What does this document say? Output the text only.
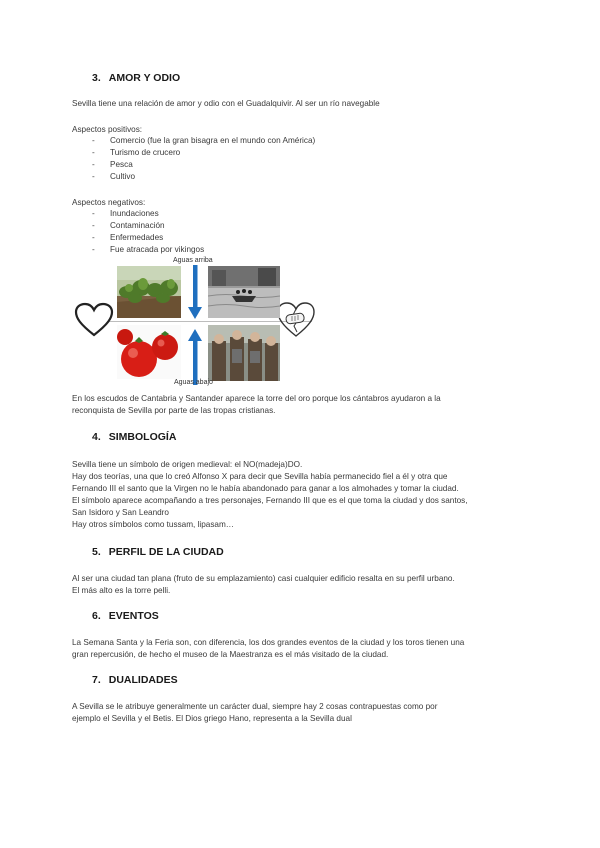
3. AMOR Y ODIO
Sevilla tiene una relación de amor y odio con el Guadalquivir. Al ser un río navegable
Aspectos positivos:
- Comercio (fue la gran bisagra en el mundo con América)
- Turismo de crucero
- Pesca
- Cultivo
Aspectos negativos:
- Inundaciones
- Contaminación
- Enfermedades
- Fue atracada por vikingos
Aguas arriba
Aguas abajo
En los escudos de Cantabria y Santander aparece la torre del oro porque los cántabros ayudaron a la
reconquista de Sevilla por parte de las tropas cristianas.
4. SIMBOLOGÍA
Sevilla tiene un símbolo de origen medieval: el NO(madeja)DO.
Hay dos teorías, una que lo creó Alfonso X para decir que Sevilla había permanecido fiel a él y otra que
Fernando III el santo que la Virgen no le había abandonado para ganar a los almohades y tomar la ciudad.
El símbolo aparece acompañando a tres personajes, Fernando III que es el que toma la ciudad y dos santos,
San Isidoro y San Leandro
Hay otros símbolos como tussam, lipasam…
5. PERFIL DE LA CIUDAD
Al ser una ciudad tan plana (fruto de su emplazamiento) casi cualquier edificio resalta en su perfil urbano.
El más alto es la torre pelli.
6. EVENTOS
La Semana Santa y la Feria son, con diferencia, los dos grandes eventos de la ciudad y los toros tienen una
gran repercusión, de hecho el museo de la Maestranza es el más visitado de la ciudad.
7. DUALIDADES
A Sevilla se le atribuye generalmente un carácter dual, siempre hay 2 cosas contrapuestas como por
ejemplo el Sevilla y el Betis. El Dios griego Hano, representa a la Sevilla dual
